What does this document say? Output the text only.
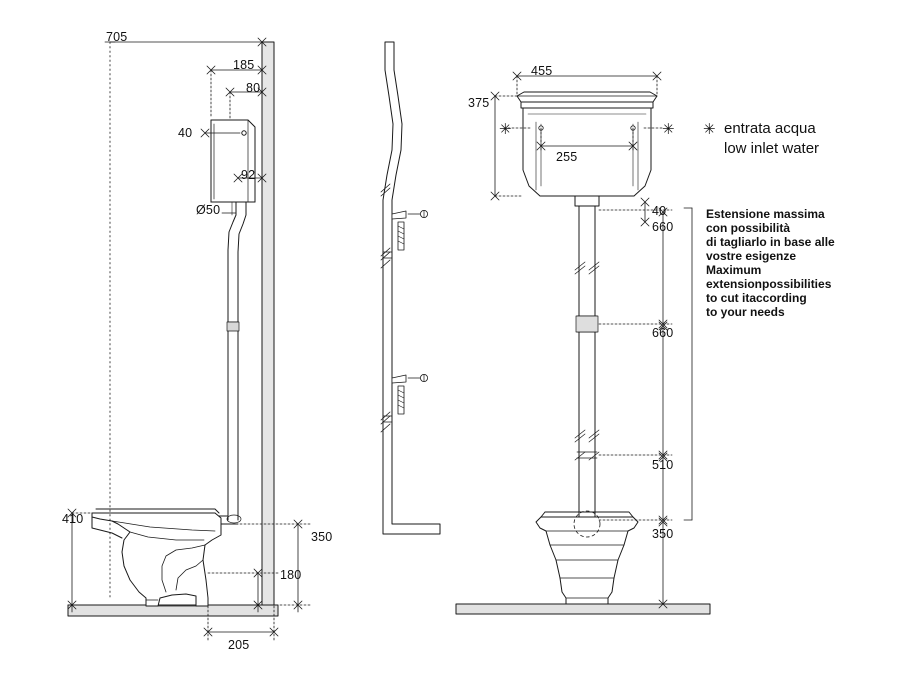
705
185
80
40
92
Ø50
410
350
180
205
455
375
255
40
660
660
510
350
✳	✳ ✳ entrata acqua
low inlet water
Estensione massima
con possibilità
di tagliarlo in base alle
vostre esigenze
Maximum
extensionpossibilities
to cut itaccording
to your needs
